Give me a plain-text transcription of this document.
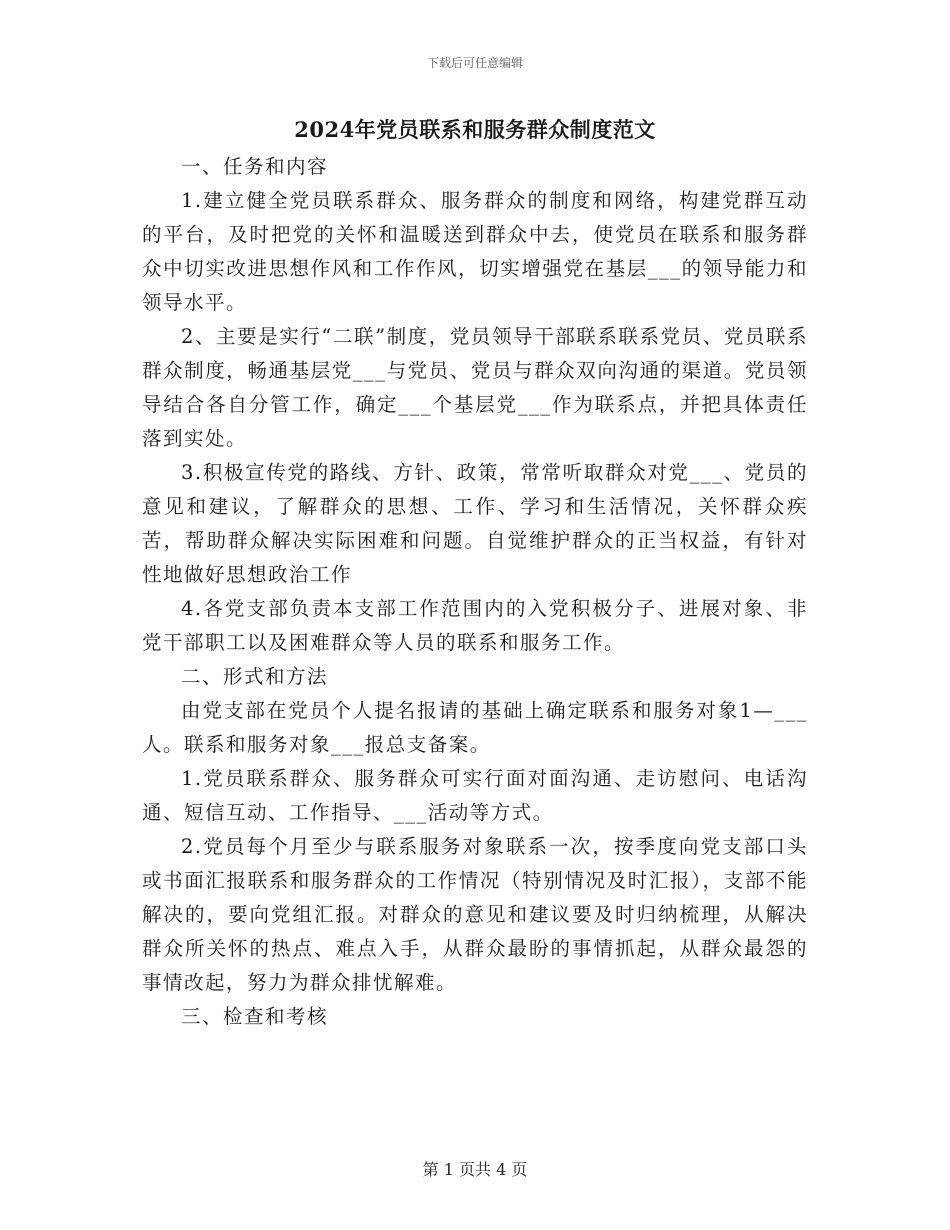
下载后可任意编辑
2024年党员联系和服务群众制度范文

一、任务和内容

1.建立健全党员联系群众、服务群众的制度和网络，构建党群互动的平台，及时把党的关怀和温暖送到群众中去，使党员在联系和服务群众中切实改进思想作风和工作作风，切实增强党在基层___的领导能力和领导水平。

2、主要是实行“二联”制度，党员领导干部联系联系党员、党员联系群众制度，畅通基层党___与党员、党员与群众双向沟通的渠道。党员领导结合各自分管工作，确定___个基层党___作为联系点，并把具体责任落到实处。

3.积极宣传党的路线、方针、政策，常常听取群众对党___、党员的意见和建议，了解群众的思想、工作、学习和生活情况，关怀群众疾苦，帮助群众解决实际困难和问题。自觉维护群众的正当权益，有针对性地做好思想政治工作

4.各党支部负责本支部工作范围内的入党积极分子、进展对象、非党干部职工以及困难群众等人员的联系和服务工作。

二、形式和方法

由党支部在党员个人提名报请的基础上确定联系和服务对象1—___人。联系和服务对象___报总支备案。

1.党员联系群众、服务群众可实行面对面沟通、走访慰问、电话沟通、短信互动、工作指导、___活动等方式。

2.党员每个月至少与联系服务对象联系一次，按季度向党支部口头或书面汇报联系和服务群众的工作情况（特别情况及时汇报），支部不能解决的，要向党组汇报。对群众的意见和建议要及时归纳梳理，从解决群众所关怀的热点、难点入手，从群众最盼的事情抓起，从群众最怨的事情改起，努力为群众排忧解难。

三、检查和考核

第 1 页共 4 页
